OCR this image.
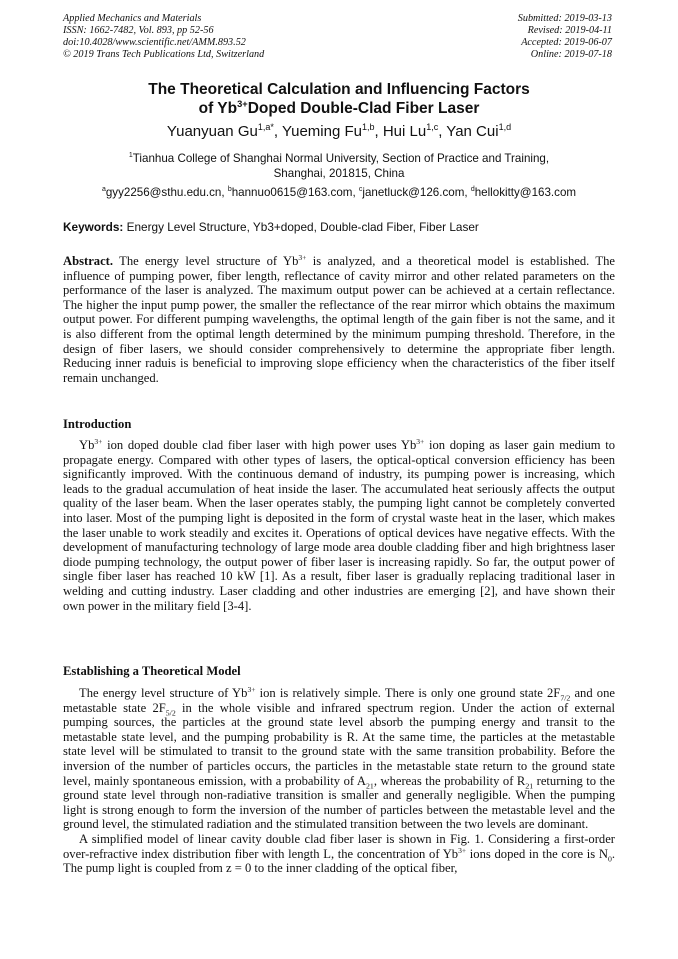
Applied Mechanics and Materials
ISSN: 1662-7482, Vol. 893, pp 52-56
doi:10.4028/www.scientific.net/AMM.893.52
© 2019 Trans Tech Publications Ltd, Switzerland
Submitted: 2019-03-13
Revised: 2019-04-11
Accepted: 2019-06-07
Online: 2019-07-18
The Theoretical Calculation and Influencing Factors
of $Yb^{3+}Doped$ Double-Clad Fiber Laser
Yuanyuan $Gu^{1,a*}$, Yueming Fu$^{1,b}$, Hui Lu$^{1,c}$, Yan Cui$^{1,d}$
$^1$Tianhua College of Shanghai Normal University, Section of Practice and Training,
Shanghai, 201815, China
$^a$gyy2256@sthu.edu.cn, $^b$hannuo0615@163.com, $^c$janetluck@126.com, $^d$hellokitty@163.com
Keywords: Energy Level Structure, Yb3+doped, Double-clad Fiber, Fiber Laser

Abstract. The energy level structure of $Yb^{3+}$ is analyzed, and a theoretical model is established. The influence of pumping power, fiber length, reflectance of cavity mirror and other related parameters on the performance of the laser is analyzed. The maximum output power can be achieved at a certain reflectance. The higher the input pump power, the smaller the reflectance of the rear mirror which obtains the maximum output power. For different pumping wavelengths, the optimal length of the gain fiber is not the same, and it is also different from the optimal length determined by the minimum pumping threshold. Therefore, in the design of fiber lasers, we should consider comprehensively to determine the appropriate fiber length. Reducing inner raduis is beneficial to improving slope efficiency when the characteristics of the fiber itself remain unchanged.

Introduction

$Yb^{3+}$ ion doped double clad fiber laser with high power uses $Yb^{3+}$ ion doping as laser gain medium to propagate energy. Compared with other types of lasers, the optical-optical conversion efficiency has been significantly improved. With the continuous demand of industry, its pumping power is increasing, which leads to the gradual accumulation of heat inside the laser. The accumulated heat seriously affects the output quality of the laser beam. When the laser operates stably, the pumping light cannot be completely converted into laser. Most of the pumping light is deposited in the form of crystal waste heat in the laser, which makes the laser unable to work steadily and excites it. Operations of optical devices have negative effects. With the development of manufacturing technology of large mode area double cladding fiber and high brightness laser diode pumping technology, the output power of fiber laser is increasing rapidly. So far, the output power of single fiber laser has reached 10 kW [1]. As a result, fiber laser is gradually replacing traditional laser in welding and cutting industry. Laser cladding and other industries are emerging [2], and have shown their own power in the military field [3-4].

Establishing a Theoretical Model

The energy level structure of $Yb^{3+}$ ion is relatively simple. There is only one ground state $2F_{7/2}$ and one metastable state $2F_{5/2}$ in the whole visible and infrared spectrum region. Under the action of external pumping sources, the particles at the ground state level absorb the pumping energy and transit to the metastable state level, and the pumping probability is R. At the same time, the particles at the metastable state level will be stimulated to transit to the ground state with the same transition probability. Before the inversion of the number of particles occurs, the particles in the metastable state return to the ground state level, mainly spontaneous emission, with a probability of $A_{21}$, whereas the probability of $R_{21}$ returning to the ground state level through non-radiative transition is smaller and generally negligible. When the pumping light is strong enough to form the inversion of the number of particles between the metastable level and the ground level, the stimulated radiation and the stimulated transition between the two levels are dominant.

A simplified model of linear cavity double clad fiber laser is shown in Fig. 1. Considering a first-order over-refractive index distribution fiber with length L, the concentration of $Yb^{3+}$ ions doped in the core is $N_0$. The pump light is coupled from z = 0 to the inner cladding of the optical fiber,
